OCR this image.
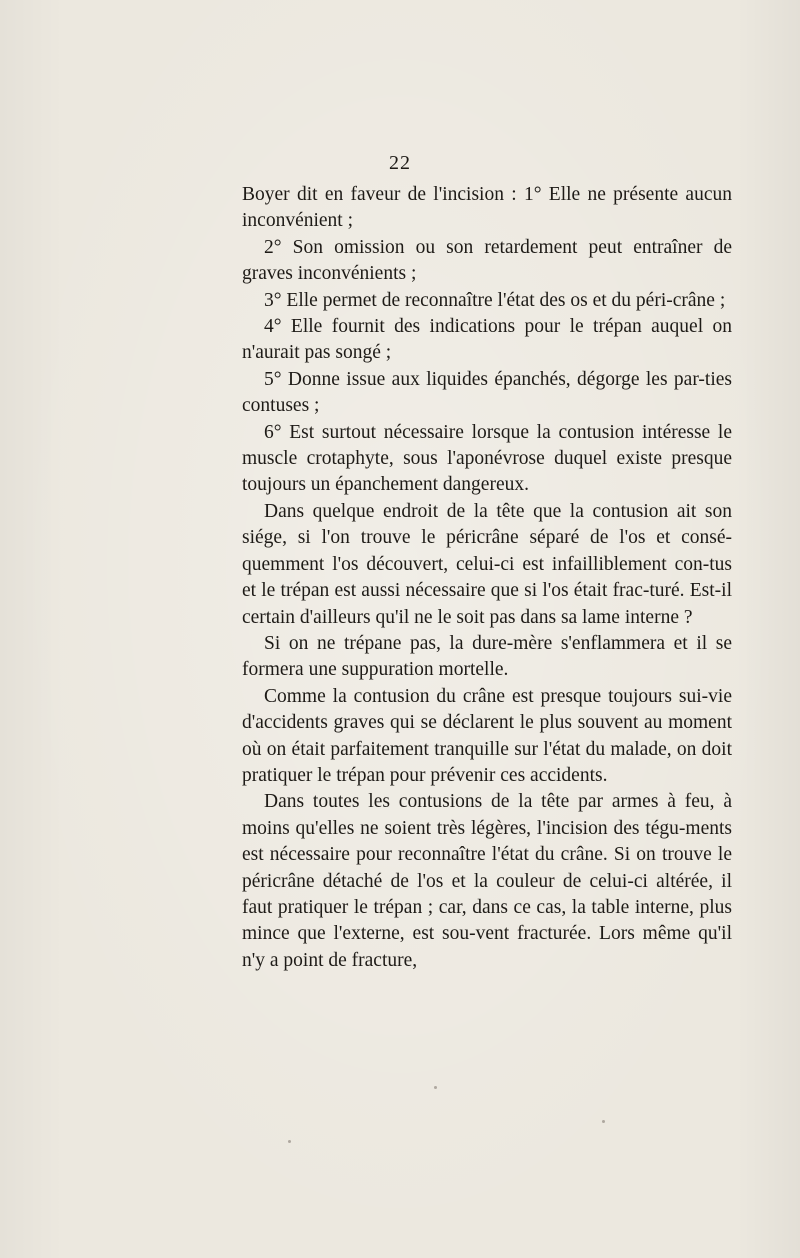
22

Boyer dit en faveur de l'incision : 1° Elle ne présente aucun inconvénient ;

2° Son omission ou son retardement peut entraîner de graves inconvénients ;

3° Elle permet de reconnaître l'état des os et du péri-crâne ;

4° Elle fournit des indications pour le trépan auquel on n'aurait pas songé ;

5° Donne issue aux liquides épanchés, dégorge les par-ties contuses ;

6° Est surtout nécessaire lorsque la contusion intéresse le muscle crotaphyte, sous l'aponévrose duquel existe presque toujours un épanchement dangereux.

Dans quelque endroit de la tête que la contusion ait son siége, si l'on trouve le péricrâne séparé de l'os et consé-quemment l'os découvert, celui-ci est infailliblement con-tus et le trépan est aussi nécessaire que si l'os était frac-turé. Est-il certain d'ailleurs qu'il ne le soit pas dans sa lame interne ?

Si on ne trépane pas, la dure-mère s'enflammera et il se formera une suppuration mortelle.

Comme la contusion du crâne est presque toujours sui-vie d'accidents graves qui se déclarent le plus souvent au moment où on était parfaitement tranquille sur l'état du malade, on doit pratiquer le trépan pour prévenir ces accidents.

Dans toutes les contusions de la tête par armes à feu, à moins qu'elles ne soient très légères, l'incision des tégu-ments est nécessaire pour reconnaître l'état du crâne. Si on trouve le péricrâne détaché de l'os et la couleur de celui-ci altérée, il faut pratiquer le trépan ; car, dans ce cas, la table interne, plus mince que l'externe, est sou-vent fracturée. Lors même qu'il n'y a point de fracture,
